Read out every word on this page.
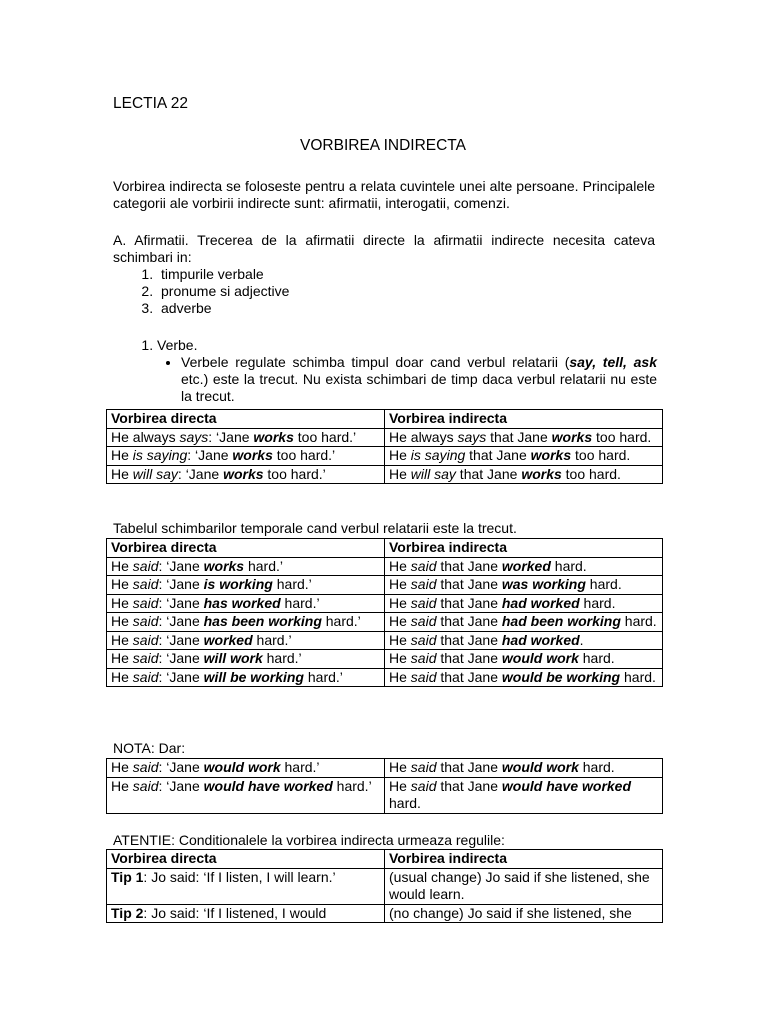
LECTIA 22
VORBIREA INDIRECTA

Vorbirea indirecta se foloseste pentru a relata cuvintele unei alte persoane. Principalele categorii ale vorbirii indirecte sunt: afirmatii, interogatii, comenzi.

A. Afirmatii. Trecerea de la afirmatii directe la afirmatii indirecte necesita cateva schimbari in:

1. timpurile verbale
2. pronume si adjective
3. adverbe
1. Verbe.
• Verbele regulate schimba timpul doar cand verbul relatarii (say, tell, ask etc.) este la trecut. Nu exista schimbari de timp daca verbul relatarii nu este la trecut.
Vorbirea directa	Vorbirea indirecta
He always says: ‘Jane works too hard.’	He always says that Jane works too hard.
He is saying: ‘Jane works too hard.’	He is saying that Jane works too hard.
He will say: ‘Jane works too hard.’	He will say that Jane works too hard.

Tabelul schimbarilor temporale cand verbul relatarii este la trecut.

Vorbirea directa	Vorbirea indirecta
He said: ‘Jane works hard.’	He said that Jane worked hard.
He said: ‘Jane is working hard.’	He said that Jane was working hard.
He said: ‘Jane has worked hard.’	He said that Jane had worked hard.
He said: ‘Jane has been working hard.’	He said that Jane had been working hard.
He said: ‘Jane worked hard.’	He said that Jane had worked.
He said: ‘Jane will work hard.’	He said that Jane would work hard.
He said: ‘Jane will be working hard.’	He said that Jane would be working hard.

NOTA: Dar:

He said: ‘Jane would work hard.’	He said that Jane would work hard.
He said: ‘Jane would have worked hard.’	He said that Jane would have worked hard.

ATENTIE: Conditionalele la vorbirea indirecta urmeaza regulile:

Vorbirea directa	Vorbirea indirecta
Tip 1: Jo said: ‘If I listen, I will learn.’	(usual change) Jo said if she listened, she would learn.
Tip 2: Jo said: ‘If I listened, I would	(no change) Jo said if she listened, she
